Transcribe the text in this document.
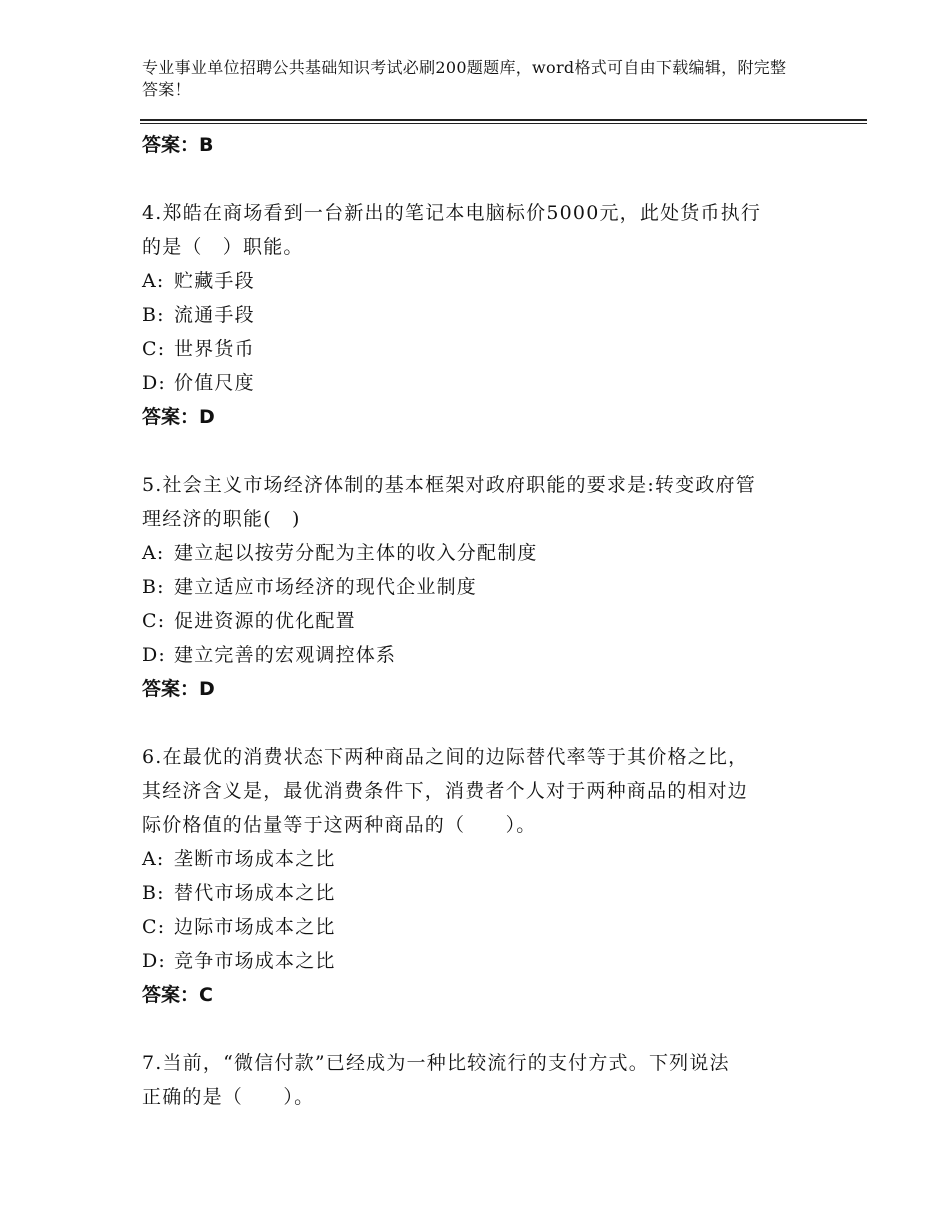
专业事业单位招聘公共基础知识考试必刷200题题库，word格式可自由下载编辑，附完整答案！

答案：B

4.郑皓在商场看到一台新出的笔记本电脑标价5000元，此处货币执行

的是（　）职能。

A: 贮藏手段

B: 流通手段

C: 世界货币

D: 价值尺度

答案：D

5.社会主义市场经济体制的基本框架对政府职能的要求是:转变政府管

理经济的职能(　)

A: 建立起以按劳分配为主体的收入分配制度

B: 建立适应市场经济的现代企业制度

C: 促进资源的优化配置

D: 建立完善的宏观调控体系

答案：D

6.在最优的消费状态下两种商品之间的边际替代率等于其价格之比，

其经济含义是，最优消费条件下，消费者个人对于两种商品的相对边

际价格值的估量等于这两种商品的（　　）。

A: 垄断市场成本之比

B: 替代市场成本之比

C: 边际市场成本之比

D: 竞争市场成本之比

答案：C

7.当前，“微信付款”已经成为一种比较流行的支付方式。下列说法

正确的是（　　）。
